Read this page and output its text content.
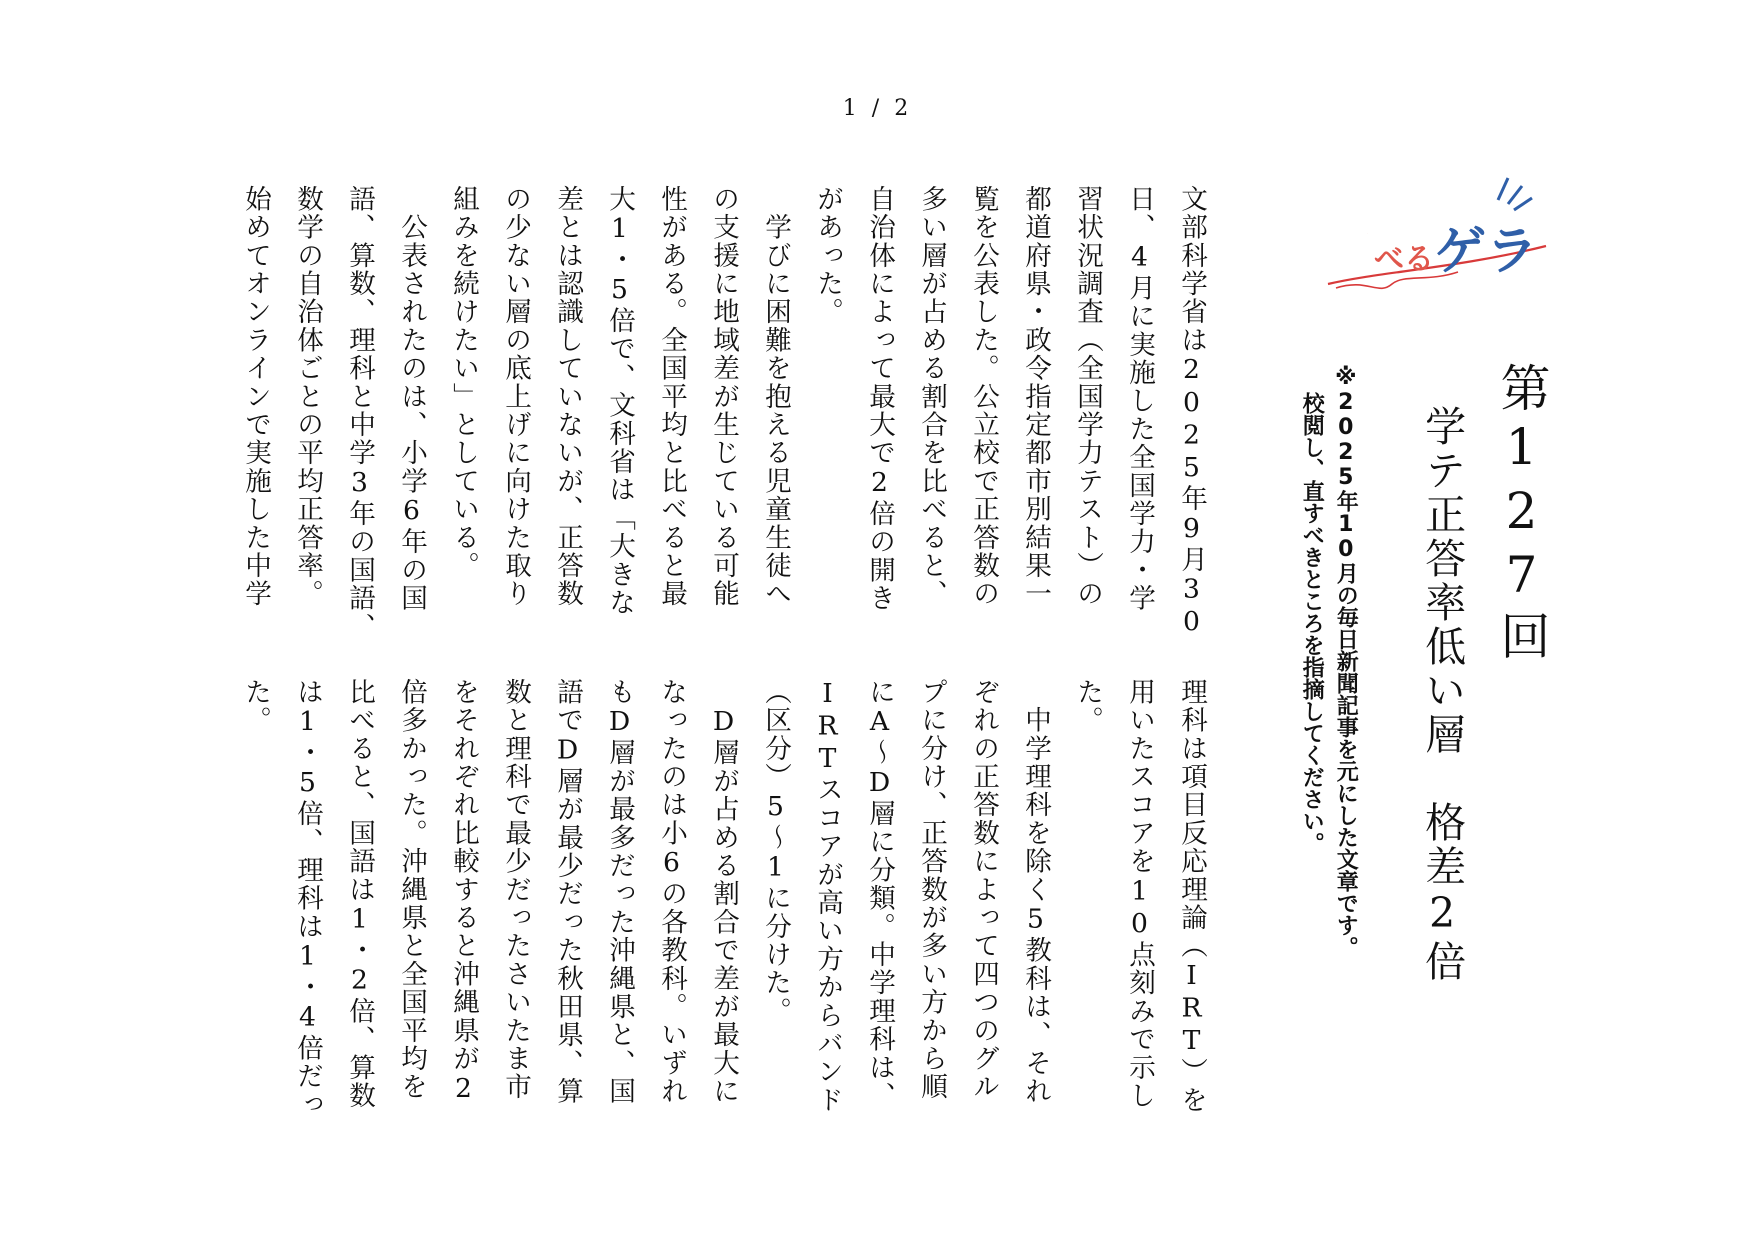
1 / 2
学べるゲラ
第127回
学テ正答率低い層　格差2倍
※2025年10月の毎日新聞記事を元にした文章です。
校閲し、直すべきところを指摘してください。
文部科学省は2025年9月30
日、4月に実施した全国学力・学
習状況調査（全国学力テスト）の
都道府県・政令指定都市別結果一
覧を公表した。公立校で正答数の
多い層が占める割合を比べると、
自治体によって最大で2倍の開き
があった。
　学びに困難を抱える児童生徒へ
の支援に地域差が生じている可能
性がある。全国平均と比べると最
大1・5倍で、文科省は「大きな
差とは認識していないが、正答数
の少ない層の底上げに向けた取り
組みを続けたい」としている。
　公表されたのは、小学6年の国
語、算数、理科と中学3年の国語、
数学の自治体ごとの平均正答率。
始めてオンラインで実施した中学
理科は項目反応理論（IRT）を
用いたスコアを10点刻みで示し
た。
　中学理科を除く5教科は、それ
ぞれの正答数によって四つのグル
プに分け、正答数が多い方から順
にA〜D層に分類。中学理科は、
IRTスコアが高い方からバンド
（区分）5〜1に分けた。
　D層が占める割合で差が最大に
なったのは小6の各教科。いずれ
もD層が最多だった沖縄県と、国
語でD層が最少だった秋田県、算
数と理科で最少だったさいたま市
をそれぞれ比較すると沖縄県が2
倍多かった。沖縄県と全国平均を
比べると、国語は1・2倍、算数
は1・5倍、理科は1・4倍だっ
た。
